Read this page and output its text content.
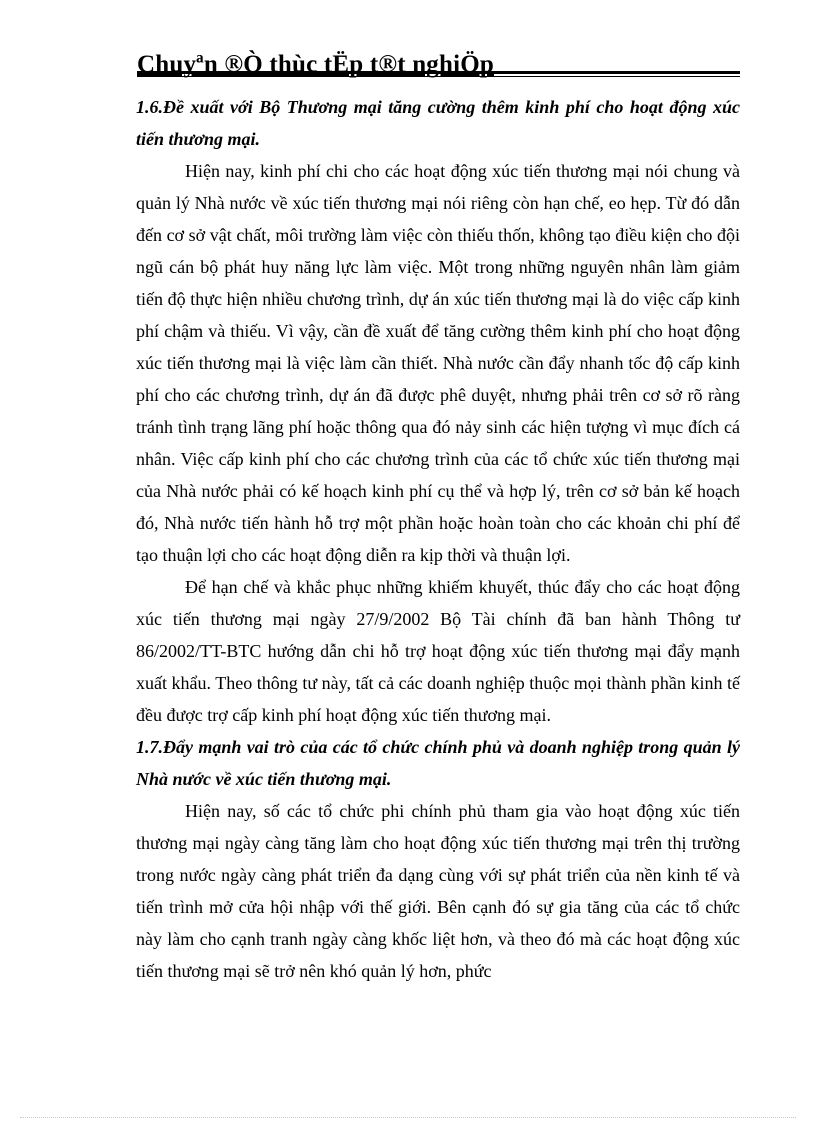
Chuyªn ®Ò thùc tËp t®t nghiÖp

1.6.Đề xuất với Bộ Thương mại tăng cường thêm kinh phí cho hoạt động xúc tiến thương mại.

Hiện nay, kinh phí chi cho các hoạt động xúc tiến thương mại nói chung và quản lý Nhà nước về xúc tiến thương mại nói riêng còn hạn chế, eo hẹp. Từ đó dẫn đến cơ sở vật chất, môi trường làm việc còn thiếu thốn, không tạo điều kiện cho đội ngũ cán bộ phát huy năng lực làm việc. Một trong những nguyên nhân làm giảm tiến độ thực hiện nhiều chương trình, dự án xúc tiến thương mại là do việc cấp kinh phí chậm và thiếu. Vì vậy, cần đề xuất để tăng cường thêm kinh phí cho hoạt động xúc tiến thương mại là việc làm cần thiết. Nhà nước cần đẩy nhanh tốc độ cấp kinh phí cho các chương trình, dự án đã được phê duyệt, nhưng phải trên cơ sở rõ ràng tránh tình trạng lãng phí hoặc thông qua đó nảy sinh các hiện tượng vì mục đích cá nhân. Việc cấp kinh phí cho các chương trình của các tổ chức xúc tiến thương mại của Nhà nước phải có kế hoạch kinh phí cụ thể và hợp lý, trên cơ sở bản kế hoạch đó, Nhà nước tiến hành hỗ trợ một phần hoặc hoàn toàn cho các khoản chi phí để tạo thuận lợi cho các hoạt động diễn ra kịp thời và thuận lợi.

Để hạn chế và khắc phục những khiếm khuyết, thúc đẩy cho các hoạt động xúc tiến thương mại ngày 27/9/2002 Bộ Tài chính đã ban hành Thông tư 86/2002/TT-BTC hướng dẫn chi hỗ trợ hoạt động xúc tiến thương mại đẩy mạnh xuất khẩu. Theo thông tư này, tất cả các doanh nghiệp thuộc mọi thành phần kinh tế đều được trợ cấp kinh phí hoạt động xúc tiến thương mại.

1.7.Đẩy mạnh vai trò của các tổ chức chính phủ và doanh nghiệp trong quản lý Nhà nước về xúc tiến thương mại.

Hiện nay, số các tổ chức phi chính phủ tham gia vào hoạt động xúc tiến thương mại ngày càng tăng làm cho hoạt động xúc tiến thương mại trên thị trường trong nước ngày càng phát triển đa dạng cùng với sự phát triển của nền kinh tế và tiến trình mở cửa hội nhập với thế giới. Bên cạnh đó sự gia tăng của các tổ chức này làm cho cạnh tranh ngày càng khốc liệt hơn, và theo đó mà các hoạt động xúc tiến thương mại sẽ trở nên khó quản lý hơn, phức
